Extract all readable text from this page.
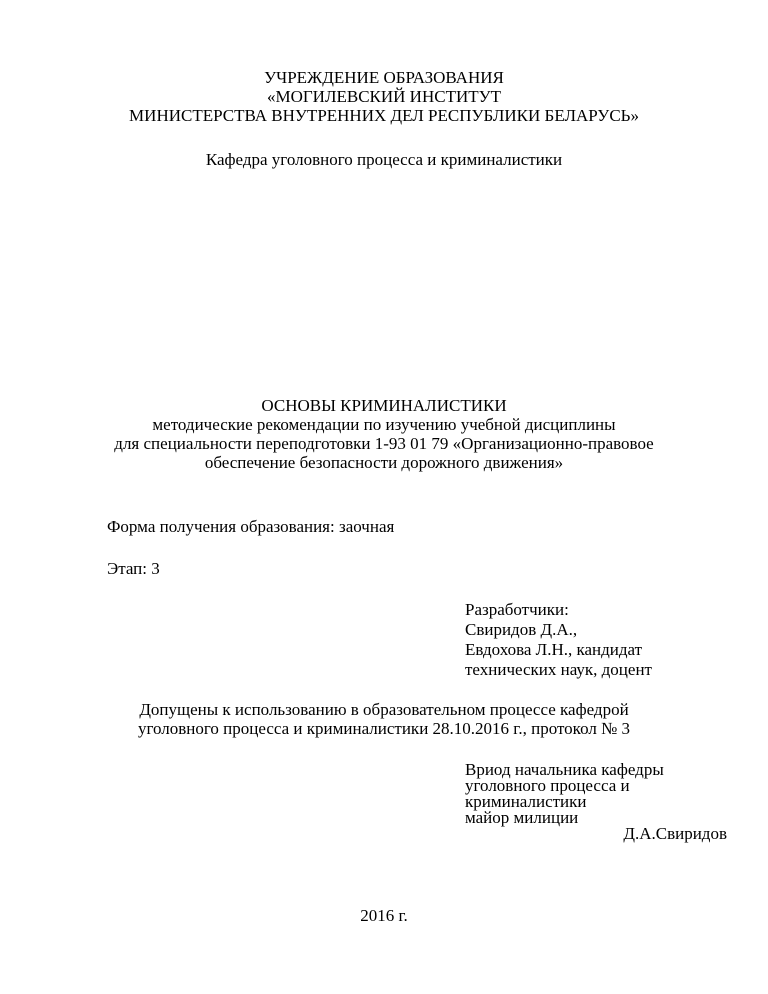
УЧРЕЖДЕНИЕ ОБРАЗОВАНИЯ
«МОГИЛЕВСКИЙ ИНСТИТУТ
МИНИСТЕРСТВА ВНУТРЕННИХ ДЕЛ РЕСПУБЛИКИ БЕЛАРУСЬ»
Кафедра уголовного процесса и криминалистики
ОСНОВЫ КРИМИНАЛИСТИКИ
методические рекомендации по изучению учебной дисциплины
для специальности переподготовки 1-93 01 79 «Организационно-правовое
обеспечение безопасности дорожного движения»
Форма получения образования: заочная
Этап: 3
Разработчики:
Свиридов Д.А.,
Евдохова Л.Н., кандидат
технических наук, доцент
Допущены к использованию в образовательном процессе кафедрой
уголовного процесса и криминалистики 28.10.2016 г., протокол № 3
Вриод начальника кафедры
уголовного процесса и
криминалистики
майор милиции
Д.А.Свиридов
2016 г.
